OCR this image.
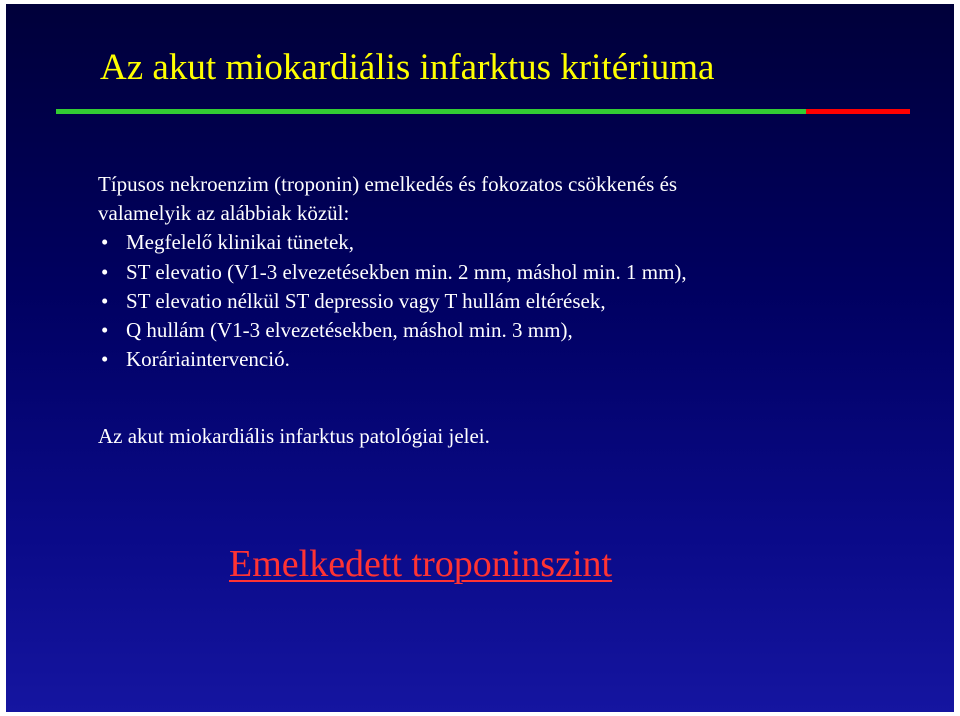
Az akut miokardiális infarktus kritériuma

Típusos nekroenzim (troponin) emelkedés és fokozatos csökkenés és

valamelyik az alábbiak közül:

• Megfelelő klinikai tünetek,
• ST elevatio (V1-3 elvezetésekben min. 2 mm, máshol min. 1 mm),
• ST elevatio nélkül ST depressio vagy T hullám eltérések,
• Q hullám (V1-3 elvezetésekben, máshol min. 3 mm),
• Koráriaintervenció.

Az akut miokardiális infarktus patológiai jelei.

Emelkedett troponinszint
